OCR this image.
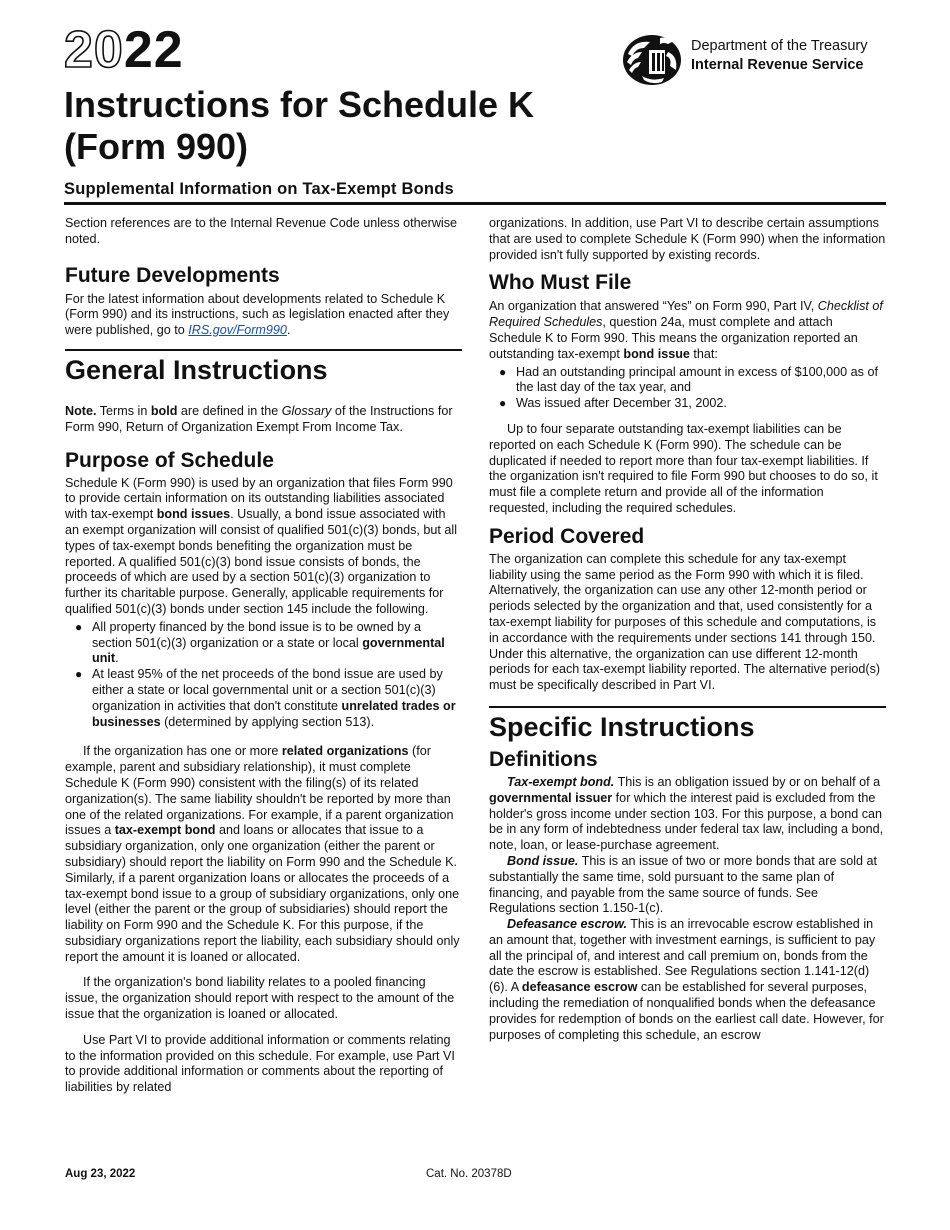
2022
Instructions for Schedule K
(Form 990)
Supplemental Information on Tax-Exempt Bonds
Department of the Treasury
Internal Revenue Service

Section references are to the Internal Revenue Code unless otherwise noted.

Future Developments

For the latest information about developments related to Schedule K (Form 990) and its instructions, such as legislation enacted after they were published, go to IRS.gov/Form990.

General Instructions

Note. Terms in bold are defined in the Glossary of the Instructions for Form 990, Return of Organization Exempt From Income Tax.

Purpose of Schedule

Schedule K (Form 990) is used by an organization that files Form 990 to provide certain information on its outstanding liabilities associated with tax-exempt bond issues. Usually, a bond issue associated with an exempt organization will consist of qualified 501(c)(3) bonds, but all types of tax-exempt bonds benefiting the organization must be reported. A qualified 501(c)(3) bond issue consists of bonds, the proceeds of which are used by a section 501(c)(3) organization to further its charitable purpose. Generally, applicable requirements for qualified 501(c)(3) bonds under section 145 include the following.

● All property financed by the bond issue is to be owned by a section 501(c)(3) organization or a state or local governmental unit.
● At least 95% of the net proceeds of the bond issue are used by either a state or local governmental unit or a section 501(c)(3) organization in activities that don't constitute unrelated trades or businesses (determined by applying section 513).

If the organization has one or more related organizations (for example, parent and subsidiary relationship), it must complete Schedule K (Form 990) consistent with the filing(s) of its related organization(s). The same liability shouldn't be reported by more than one of the related organizations. For example, if a parent organization issues a tax-exempt bond and loans or allocates that issue to a subsidiary organization, only one organization (either the parent or subsidiary) should report the liability on Form 990 and the Schedule K. Similarly, if a parent organization loans or allocates the proceeds of a tax-exempt bond issue to a group of subsidiary organizations, only one level (either the parent or the group of subsidiaries) should report the liability on Form 990 and the Schedule K. For this purpose, if the subsidiary organizations report the liability, each subsidiary should only report the amount it is loaned or allocated.

If the organization's bond liability relates to a pooled financing issue, the organization should report with respect to the amount of the issue that the organization is loaned or allocated.

Use Part VI to provide additional information or comments relating to the information provided on this schedule. For example, use Part VI to provide additional information or comments about the reporting of liabilities by related

organizations. In addition, use Part VI to describe certain assumptions that are used to complete Schedule K (Form 990) when the information provided isn't fully supported by existing records.

Who Must File

An organization that answered “Yes” on Form 990, Part IV, Checklist of Required Schedules, question 24a, must complete and attach Schedule K to Form 990. This means the organization reported an outstanding tax-exempt bond issue that:

● Had an outstanding principal amount in excess of $100,000 as of the last day of the tax year, and
● Was issued after December 31, 2002.

Up to four separate outstanding tax-exempt liabilities can be reported on each Schedule K (Form 990). The schedule can be duplicated if needed to report more than four tax-exempt liabilities. If the organization isn't required to file Form 990 but chooses to do so, it must file a complete return and provide all of the information requested, including the required schedules.

Period Covered

The organization can complete this schedule for any tax-exempt liability using the same period as the Form 990 with which it is filed. Alternatively, the organization can use any other 12-month period or periods selected by the organization and that, used consistently for a tax-exempt liability for purposes of this schedule and computations, is in accordance with the requirements under sections 141 through 150. Under this alternative, the organization can use different 12-month periods for each tax-exempt liability reported. The alternative period(s) must be specifically described in Part VI.

Specific Instructions
Definitions

Tax-exempt bond. This is an obligation issued by or on behalf of a governmental issuer for which the interest paid is excluded from the holder's gross income under section 103. For this purpose, a bond can be in any form of indebtedness under federal tax law, including a bond, note, loan, or lease-purchase agreement.

Bond issue. This is an issue of two or more bonds that are sold at substantially the same time, sold pursuant to the same plan of financing, and payable from the same source of funds. See Regulations section 1.150-1(c).

Defeasance escrow. This is an irrevocable escrow established in an amount that, together with investment earnings, is sufficient to pay all the principal of, and interest and call premium on, bonds from the date the escrow is established. See Regulations section 1.141-12(d)(6). A defeasance escrow can be established for several purposes, including the remediation of nonqualified bonds when the defeasance provides for redemption of bonds on the earliest call date. However, for purposes of completing this schedule, an escrow

Aug 23, 2022	Cat. No. 20378D
